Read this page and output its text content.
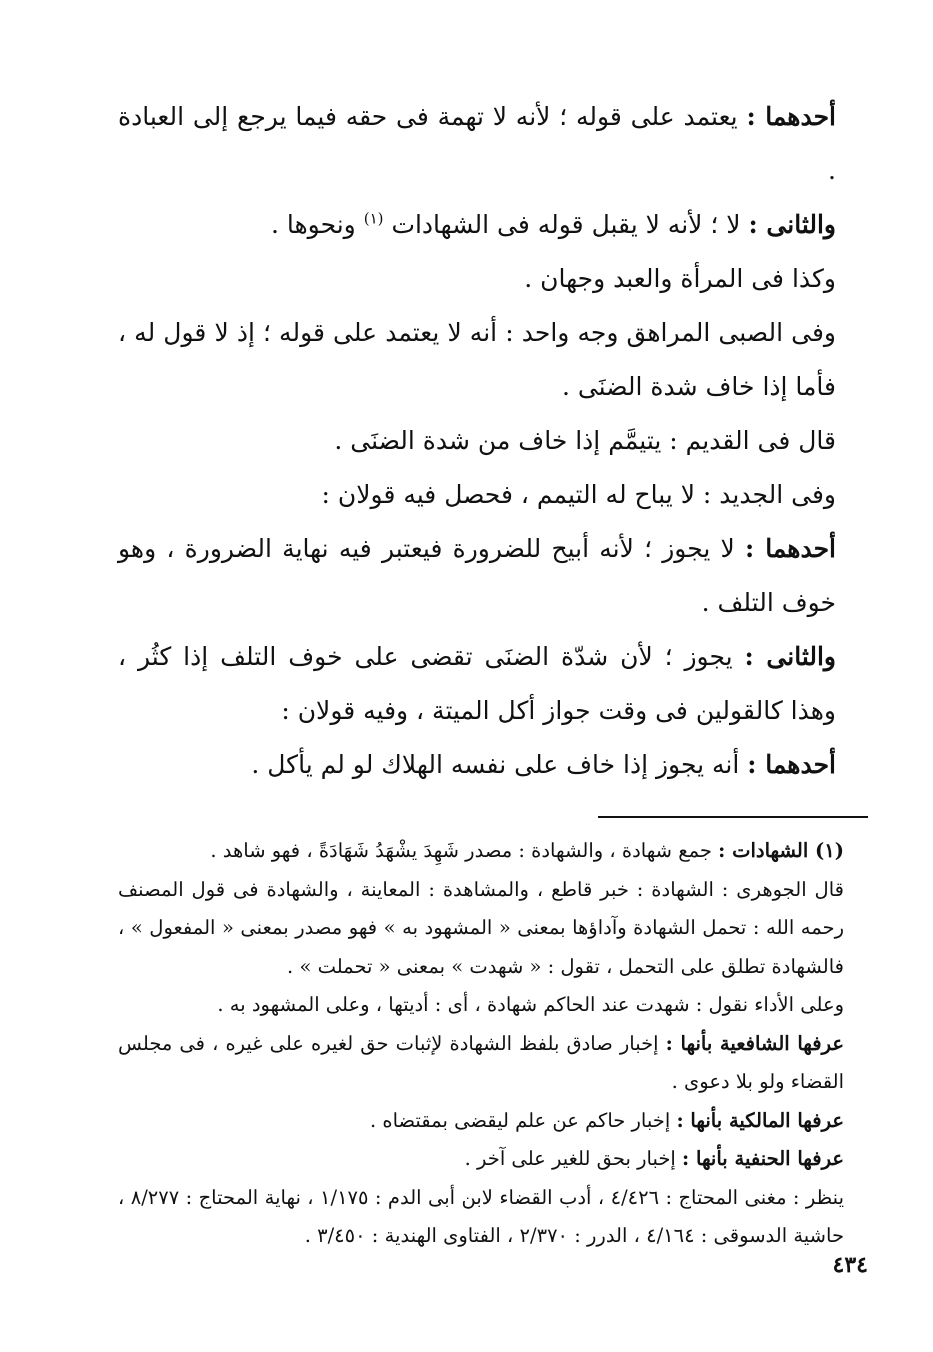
أحدهما : يعتمد على قوله ؛ لأنه لا تهمة فى حقه فيما يرجع إلى العبادة .

والثانى : لا ؛ لأنه لا يقبل قوله فى الشهادات $^{(١)}$ ونحوها .

وكذا فى المرأة والعبد وجهان .

وفى الصبى المراهق وجه واحد : أنه لا يعتمد على قوله ؛ إذ لا قول له ، فأما إذا خاف شدة الضنَى .

قال فى القديم : يتيمَّم إذا خاف من شدة الضنَى .

وفى الجديد : لا يباح له التيمم ، فحصل فيه قولان :

أحدهما : لا يجوز ؛ لأنه أبيح للضرورة فيعتبر فيه نهاية الضرورة ، وهو خوف التلف .

والثانى : يجوز ؛ لأن شدّة الضنَى تقضى على خوف التلف إذا كثُر ، وهذا كالقولين فى وقت جواز أكل الميتة ، وفيه قولان :

أحدهما : أنه يجوز إذا خاف على نفسه الهلاك لو لم يأكل .

(١) الشهادات : جمع شهادة ، والشهادة : مصدر شَهِدَ يشْهَدُ شَهَادَةً ، فهو شاهد .

قال الجوهرى : الشهادة : خبر قاطع ، والمشاهدة : المعاينة ، والشهادة فى قول المصنف رحمه الله : تحمل الشهادة وآداؤها بمعنى « المشهود به » فهو مصدر بمعنى « المفعول » ، فالشهادة تطلق على التحمل ، تقول : « شهدت » بمعنى « تحملت » .

وعلى الأداء نقول : شهدت عند الحاكم شهادة ، أى : أديتها ، وعلى المشهود به .

عرفها الشافعية بأنها : إخبار صادق بلفظ الشهادة لإثبات حق لغيره على غيره ، فى مجلس القضاء ولو بلا دعوى .

عرفها المالكية بأنها : إخبار حاكم عن علم ليقضى بمقتضاه .

عرفها الحنفية بأنها : إخبار بحق للغير على آخر .

ينظر : مغنى المحتاج : ٤/٤٢٦ ، أدب القضاء لابن أبى الدم : ١/١٧٥ ، نهاية المحتاج : ٨/٢٧٧ ، حاشية الدسوقى : ٤/١٦٤ ، الدرر : ٢/٣٧٠ ، الفتاوى الهندية : ٣/٤٥٠ .

٤٣٤
